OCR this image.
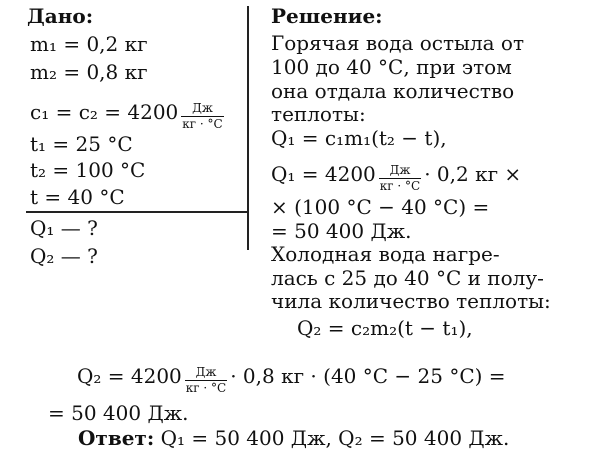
Дано:
m₁ = 0,2 кг
m₂ = 0,8 кг
$c_1 = c_2 = 4200 \frac{Дж}{кг \cdot ^\circ С}$
t₁ = 25 °С
t₂ = 100 °С
t = 40 °С
Q₁ — ?
Q₂ — ?
Решение:
Горячая вода остыла от
100 до 40 °С, при этом
она отдала количество
теплоты:
Q₁ = c₁m₁(t₂ − t),
$Q_1 = 4200 \frac{Дж}{кг \cdot ^\circ С} \cdot 0,2$ кг ×
× (100 °С − 40 °С) =
= 50 400 Дж.
Холодная вода нагре-
лась с 25 до 40 °С и полу-
чила количество теплоты:
Q₂ = c₂m₂(t − t₁),
$Q_2 = 4200 \frac{Дж}{кг \cdot ^\circ С} \cdot 0,8$ кг · (40 °С − 25 °С) =
= 50 400 Дж.
Ответ: Q₁ = 50 400 Дж, Q₂ = 50 400 Дж.
